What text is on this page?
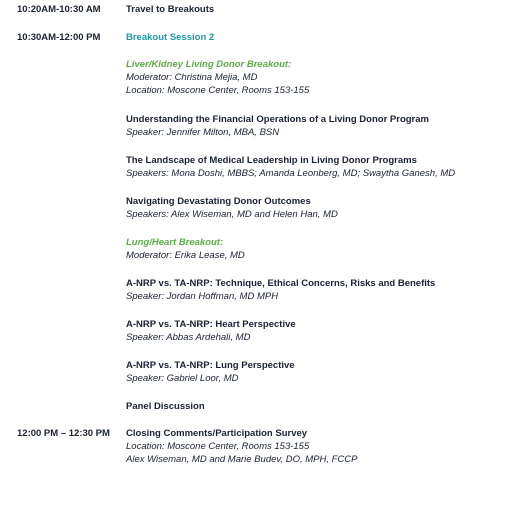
10:20AM-10:30 AM	Travel to Breakouts
10:30AM-12:00 PM	Breakout Session 2
Liver/Kidney Living Donor Breakout:
Moderator: Christina Mejia, MD
Location: Moscone Center, Rooms 153-155
Understanding the Financial Operations of a Living Donor Program
Speaker: Jennifer Milton, MBA, BSN
The Landscape of Medical Leadership in Living Donor Programs
Speakers: Mona Doshi, MBBS; Amanda Leonberg, MD; Swaytha Ganesh, MD
Navigating Devastating Donor Outcomes
Speakers: Alex Wiseman, MD and Helen Han, MD
Lung/Heart Breakout:
Moderator: Erika Lease, MD
A-NRP vs. TA-NRP: Technique, Ethical Concerns, Risks and Benefits
Speaker: Jordan Hoffman, MD MPH
A-NRP vs. TA-NRP: Heart Perspective
Speaker: Abbas Ardehali, MD
A-NRP vs. TA-NRP: Lung Perspective
Speaker: Gabriel Loor, MD
Panel Discussion
12:00 PM – 12:30 PM Closing Comments/Participation Survey
Location: Moscone Center, Rooms 153-155
Alex Wiseman, MD and Marie Budev, DO, MPH, FCCP
